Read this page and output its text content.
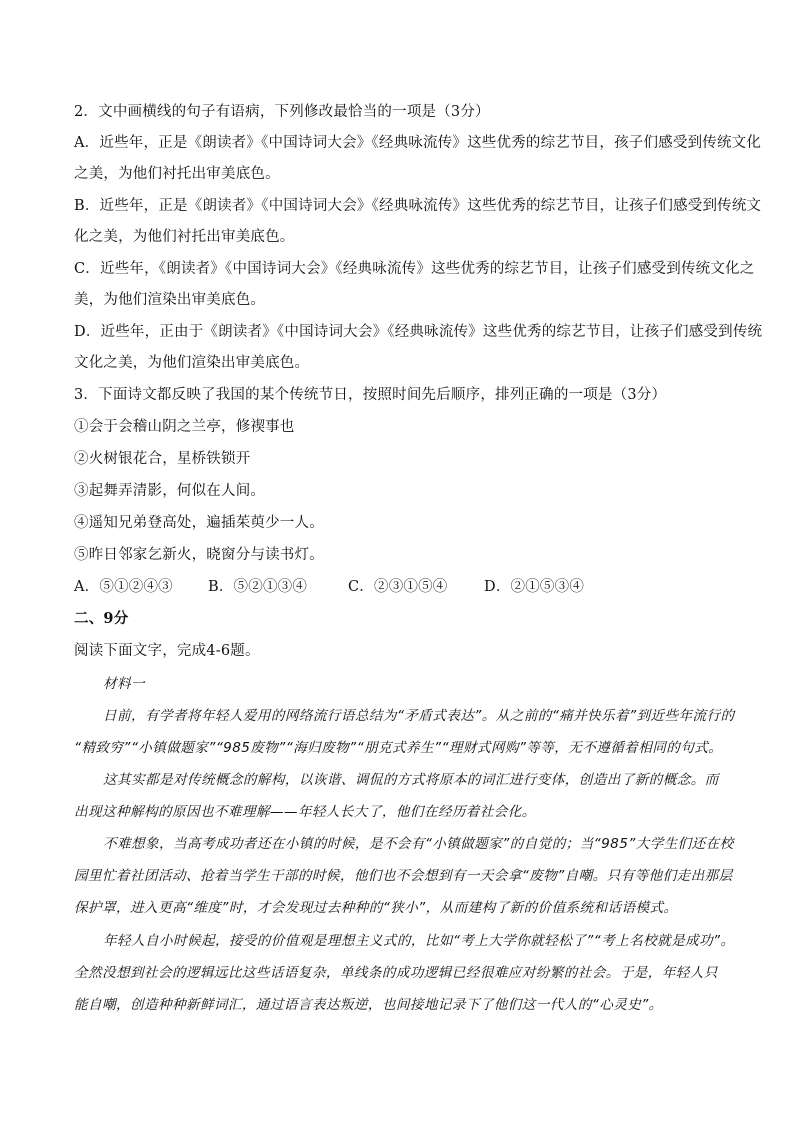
2．文中画横线的句子有语病，下列修改最恰当的一项是（3分）
A．近些年，正是《朗读者》《中国诗词大会》《经典咏流传》这些优秀的综艺节目，孩子们感受到传统文化
之美，为他们衬托出审美底色。
B．近些年，正是《朗读者》《中国诗词大会》《经典咏流传》这些优秀的综艺节目，让孩子们感受到传统文
化之美，为他们衬托出审美底色。
C．近些年，《朗读者》《中国诗词大会》《经典咏流传》这些优秀的综艺节目，让孩子们感受到传统文化之
美，为他们渲染出审美底色。
D．近些年，正由于《朗读者》《中国诗词大会》《经典咏流传》这些优秀的综艺节目，让孩子们感受到传统
文化之美，为他们渲染出审美底色。
3．下面诗文都反映了我国的某个传统节日，按照时间先后顺序，排列正确的一项是（3分）
①会于会稽山阴之兰亭，修禊事也
②火树银花合，星桥铁锁开
③起舞弄清影，何似在人间。
④遥知兄弟登高处，遍插茱萸少一人。
⑤昨日邻家乞新火，晓窗分与读书灯。
A．⑤①②④③ B．⑤②①③④	C．②③①⑤④	D．②①⑤③④
二、9分
阅读下面文字，完成4-6题。
材料一
日前，有学者将年轻人爱用的网络流行语总结为“矛盾式表达”。从之前的“痛并快乐着”到近些年流行的
“精致穷”“小镇做题家”“985废物”“海归废物”“朋克式养生”“理财式网购”等等，无不遵循着相同的句式。
这其实都是对传统概念的解构，以诙谐、调侃的方式将原本的词汇进行变体，创造出了新的概念。而
出现这种解构的原因也不难理解——年轻人长大了，他们在经历着社会化。
不难想象，当高考成功者还在小镇的时候，是不会有“小镇做题家”的自觉的；当“985”大学生们还在校
园里忙着社团活动、抢着当学生干部的时候，他们也不会想到有一天会拿“废物”自嘲。只有等他们走出那层
保护罩，进入更高“维度”时，才会发现过去种种的“狭小”，从而建构了新的价值系统和话语模式。
年轻人自小时候起，接受的价值观是理想主义式的，比如“考上大学你就轻松了”“考上名校就是成功”。
全然没想到社会的逻辑远比这些话语复杂，单线条的成功逻辑已经很难应对纷繁的社会。于是，年轻人只
能自嘲，创造种种新鲜词汇，通过语言表达叛逆，也间接地记录下了他们这一代人的“心灵史”。
